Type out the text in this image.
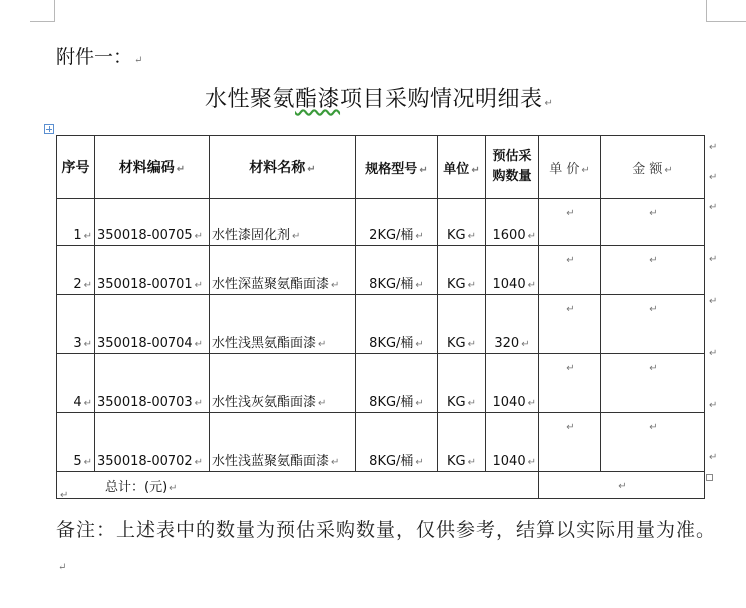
附件一： ↵
水性聚氨酯漆项目采购情况明细表 ↵
序号	材料编码 ↵	材料名称 ↵	规格型号 ↵	单位 ↵	预估采购数量	单 价 ↵	金 额 ↵
1 ↵	350018-00705 ↵	水性漆固化剂 ↵	2KG/桶 ↵	KG ↵	1600 ↵	↵	↵
2 ↵	350018-00701 ↵	水性深蓝聚氨酯面漆 ↵	8KG/桶 ↵	KG ↵	1040 ↵	↵	↵
3 ↵	350018-00704 ↵	水性浅黑氨酯面漆 ↵	8KG/桶 ↵	KG ↵	320 ↵	↵	↵
4 ↵	350018-00703 ↵	水性浅灰氨酯面漆 ↵	8KG/桶 ↵	KG ↵	1040 ↵	↵	↵
5 ↵	350018-00702 ↵	水性浅蓝聚氨酯面漆 ↵	8KG/桶 ↵	KG ↵	1040 ↵	↵	↵
总计：(元) ↵						↵	
↵
↵
↵
↵
↵
↵
↵
↵
↵
备注：上述表中的数量为预估采购数量，仅供参考，结算以实际用量为准。↵
